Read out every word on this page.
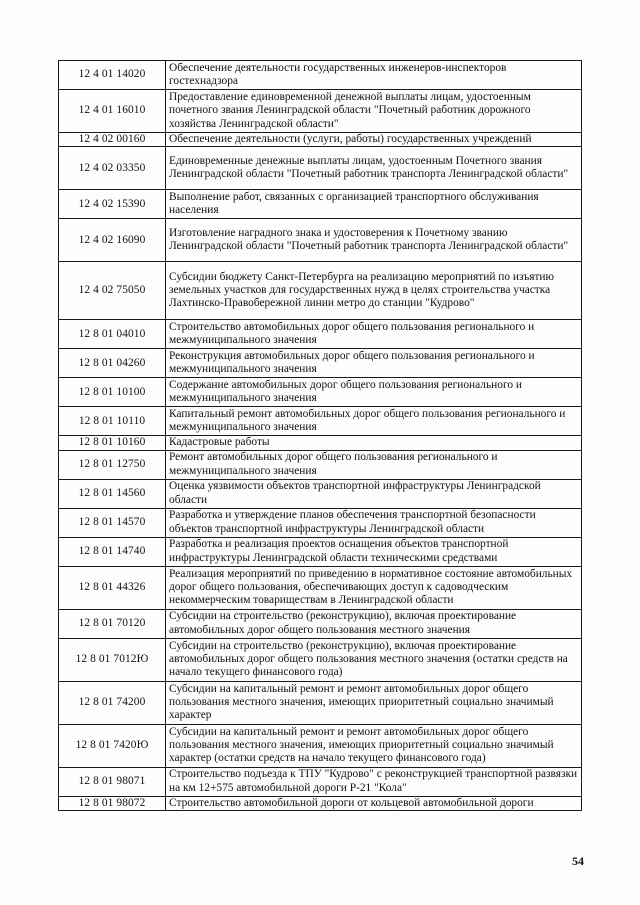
12 4 01 14020	Обеспечение деятельности государственных инженеров-инспекторов гостехнадзора
12 4 01 16010	Предоставление единовременной денежной выплаты лицам, удостоенным почетного звания Ленинградской области "Почетный работник дорожного хозяйства Ленинградской области"
12 4 02 00160	Обеспечение деятельности (услуги, работы) государственных учреждений
12 4 02 03350	Единовременные денежные выплаты лицам, удостоенным Почетного звания Ленинградской области "Почетный работник транспорта Ленинградской области"
12 4 02 15390	Выполнение работ, связанных с организацией транспортного обслуживания населения
12 4 02 16090	Изготовление наградного знака и удостоверения к Почетному званию Ленинградской области "Почетный работник транспорта Ленинградской области"
12 4 02 75050	Субсидии бюджету Санкт-Петербурга на реализацию мероприятий по изъятию земельных участков для государственных нужд в целях строительства участка Лахтинско-Правобережной линии метро до станции "Кудрово"
12 8 01 04010	Строительство автомобильных дорог общего пользования регионального и межмуниципального значения
12 8 01 04260	Реконструкция автомобильных дорог общего пользования регионального и межмуниципального значения
12 8 01 10100	Содержание автомобильных дорог общего пользования регионального и межмуниципального значения
12 8 01 10110	Капитальный ремонт автомобильных дорог общего пользования регионального и межмуниципального значения
12 8 01 10160	Кадастровые работы
12 8 01 12750	Ремонт автомобильных дорог общего пользования регионального и межмуниципального значения
12 8 01 14560	Оценка уязвимости объектов транспортной инфраструктуры Ленинградской области
12 8 01 14570	Разработка и утверждение планов обеспечения транспортной безопасности объектов транспортной инфраструктуры Ленинградской области
12 8 01 14740	Разработка и реализация проектов оснащения объектов транспортной инфраструктуры Ленинградской области техническими средствами
12 8 01 44326	Реализация мероприятий по приведению в нормативное состояние автомобильных дорог общего пользования, обеспечивающих доступ к садоводческим некоммерческим товариществам в Ленинградской области
12 8 01 70120	Субсидии на строительство (реконструкцию), включая проектирование автомобильных дорог общего пользования местного значения
12 8 01 7012Ю	Субсидии на строительство (реконструкцию), включая проектирование автомобильных дорог общего пользования местного значения (остатки средств на начало текущего финансового года)
12 8 01 74200	Субсидии на капитальный ремонт и ремонт автомобильных дорог общего пользования местного значения, имеющих приоритетный социально значимый характер
12 8 01 7420Ю	Субсидии на капитальный ремонт и ремонт автомобильных дорог общего пользования местного значения, имеющих приоритетный социально значимый характер (остатки средств на начало текущего финансового года)
12 8 01 98071	Строительство подъезда к ТПУ "Кудрово" с реконструкцией транспортной развязки на км 12+575 автомобильной дороги Р-21 "Кола"
12 8 01 98072	Строительство автомобильной дороги от кольцевой автомобильной дороги
54
